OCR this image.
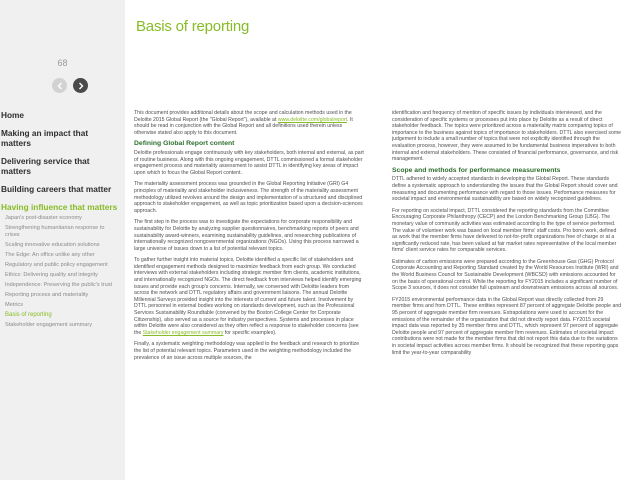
68
Home
Making an impact that matters
Delivering service that matters
Building careers that matter
Having influence that matters
Japan's post-disaster economy
Strengthening humanitarian response to crises
Scaling innovative education solutions
The Edge: An office unlike any other
Regulatory and public policy engagement
Ethics: Delivering quality and integrity
Independence: Preserving the public's trust
Reporting process and materiality
Metrics
Basis of reporting
Stakeholder engagement summary
Basis of reporting

This document provides additional details about the scope and calculation methods used in the Deloitte 2015 Global Report (the "Global Report"), available at www.deloitte.com/globalreport. It should be read in conjunction with the Global Report and all definitions used therein unless otherwise stated also apply to this document.

Defining Global Report content

Deloitte professionals engage continuously with key stakeholders, both internal and external, as part of routine business. Along with this ongoing engagement, DTTL commissioned a formal stakeholder engagement process and materiality assessment to assist DTTL in identifying key areas of impact upon which to focus the Global Report content.

The materiality assessment process was grounded in the Global Reporting Initiative (GRI) G4 principles of materiality and stakeholder inclusiveness. The strength of the materiality assessment methodology utilized revolves around the design and implementation of a structured and disciplined approach to stakeholder engagement, as well as topic prioritization based upon a decision-sciences approach.

The first step in the process was to investigate the expectations for corporate responsibility and sustainability for Deloitte by analyzing supplier questionnaires, benchmarking reports of peers and sustainability award-winners, examining sustainability guidelines, and researching publications of internationally recognized nongovernmental organizations (NGOs). Using this process narrowed a large universe of issues down to a list of potential relevant topics.

To gather further insight into material topics, Deloitte identified a specific list of stakeholders and identified engagement methods designed to maximize feedback from each group. We conducted interviews with external stakeholders including strategic member firm clients, academic institutions, and internationally recognized NGOs. The direct feedback from interviews helped identify emerging issues and provide each group's concerns. Internally, we conversed with Deloitte leaders from across the network and DTTL regulatory affairs and government liaisons. The annual Deloitte Millennial Surveys provided insight into the interests of current and future talent. Involvement by DTTL personnel in external bodies working on standards development, such as the Professional Services Sustainability Roundtable (convened by the Boston College Center for Corporate Citizenship), also served as a source for industry perspectives. Systems and processes in place within Deloitte were also considered as they often reflect a response to stakeholder concerns (see the Stakeholder engagement summary for specific examples).

Finally, a systematic weighting methodology was applied to the feedback and research to prioritize the list of potential relevant topics. Parameters used in the weighting methodology included the prevalence of an issue across multiple sources, the

identification and frequency of mention of specific issues by individuals interviewed, and the consideration of specific systems or processes put into place by Deloitte as a result of direct stakeholder feedback. The topics were prioritized across a materiality matrix comparing topics of importance to the business against topics of importance to stakeholders. DTTL also exercised some judgement to include a small number of topics that were not explicitly identified through the evaluation process, however, they were assumed to be fundamental business imperatives to both internal and external stakeholders. These consisted of financial performance, governance, and risk management.

Scope and methods for performance measurements

DTTL adhered to widely accepted standards in developing the Global Report. These standards define a systematic approach to understanding the issues that the Global Report should cover and measuring and documenting performance with regard to those issues. Performance measures for societal impact and environmental sustainability are based on widely recognized guidelines.

For reporting on societal impact, DTTL considered the reporting standards from the Committee Encouraging Corporate Philanthropy (CECP) and the London Benchmarking Group (LBG). The monetary value of community activities was estimated according to the type of service performed. The value of volunteer work was based on local member firms' staff costs. Pro bono work, defined as work that the member firms have delivered to not-for-profit organizations free of charge or at a significantly reduced rate, has been valued at fair market rates representative of the local member firms' client service rates for comparable services.

Estimates of carbon emissions were prepared according to the Greenhouse Gas (GHG) Protocol Corporate Accounting and Reporting Standard created by the World Resources Institute (WRI) and the World Business Council for Sustainable Development (WBCSD) with emissions accounted for on the basis of operational control. While the reporting for FY2015 includes a significant number of Scope 3 sources, it does not consider full upstream and downstream emissions across all sources.

FY2015 environmental performance data in the Global Report was directly collected from 29 member firms and from DTTL. These entities represent 87 percent of aggregate Deloitte people and 95 percent of aggregate member firm revenues. Extrapolations were used to account for the emissions of the remainder of the organization that did not directly report data. FY2015 societal impact data was reported by 35 member firms and DTTL, which represent 97 percent of aggregate Deloitte people and 97 percent of aggregate member firm revenues. Estimates of societal impact contributions were not made for the member firms that did not report this data due to the variations in societal impact activities across member firms. It should be recognized that these reporting gaps limit the year-to-year comparability
